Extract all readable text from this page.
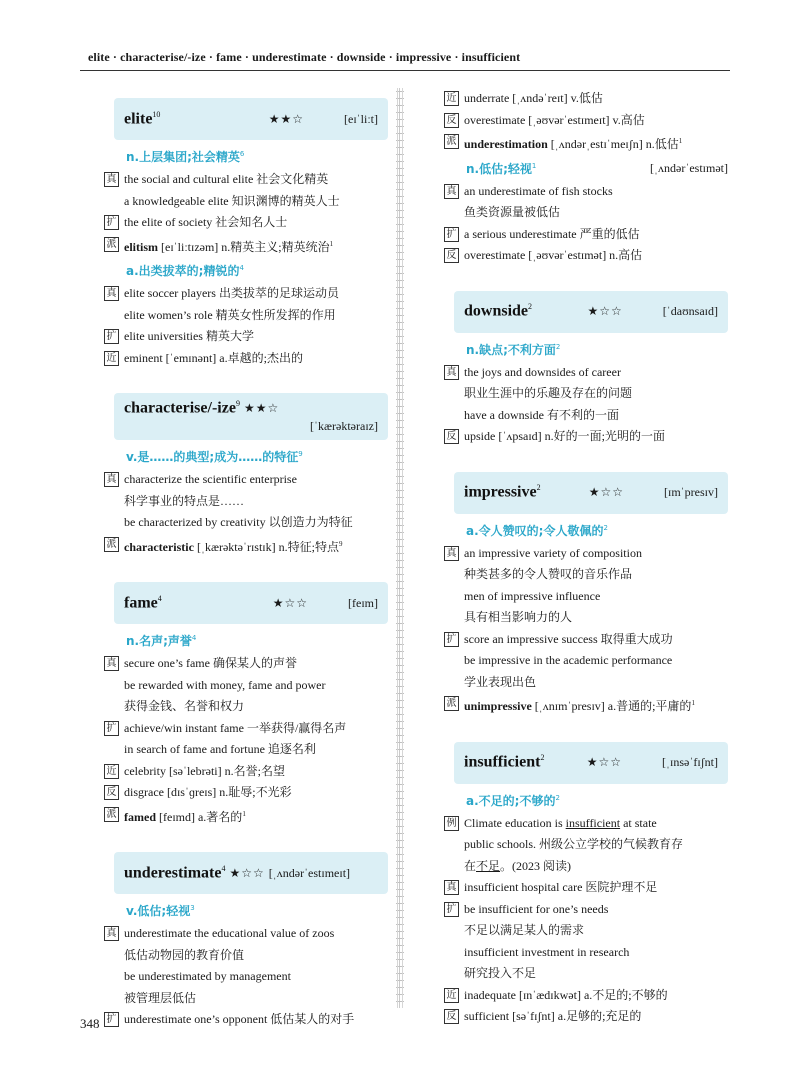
elite · characterise/-ize · fame · underestimate · downside · impressive · insufficient
elite$^{10}$	★★☆	[eɪˈliːt]
n.上层集团;社会精英$^6$
真 the social and cultural elite 社会文化精英
a knowledgeable elite 知识渊博的精英人士
扩 the elite of society 社会知名人士
派 elitism [eɪˈliːtɪzəm] n.精英主义;精英统治$^1$
a.出类拔萃的;精锐的$^4$
真 elite soccer players 出类拔萃的足球运动员
elite women’s role 精英女性所发挥的作用
扩 elite universities 精英大学
近 eminent [ˈemɪnənt] a.卓越的;杰出的
characterise/-ize$^9$ ★★☆
[ˈkærəktəraɪz]
v.是……的典型;成为……的特征$^9$
真 characterize the scientific enterprise
科学事业的特点是……
be characterized by creativity 以创造力为特征
派 characteristic [ˌkærəktəˈrɪstɪk] n.特征;特点$^9$
fame$^4$	★☆☆	[feɪm]
n.名声;声誉$^4$
真 secure one’s fame 确保某人的声誉
be rewarded with money, fame and power
获得金钱、名誉和权力
扩 achieve/win instant fame 一举获得/赢得名声
in search of fame and fortune 追逐名利
近 celebrity [səˈlebrəti] n.名誉;名望
反 disgrace [dɪsˈɡreɪs] n.耻辱;不光彩
派 famed [feɪmd] a.著名的$^1$
underestimate$^4$ ★☆☆ [ˌʌndərˈestɪmeɪt]
v.低估;轻视$^3$
真 underestimate the educational value of zoos
低估动物园的教育价值
be underestimated by management
被管理层低估
扩 underestimate one’s opponent 低估某人的对手
近 underrate [ˌʌndəˈreɪt] v.低估
反 overestimate [ˌəʊvərˈestɪmeɪt] v.高估
派 underestimation [ˌʌndərˌestɪˈmeɪʃn] n.低估$^1$
n.低估;轻视$^1$	[ˌʌndərˈestɪmət]
真 an underestimate of fish stocks
鱼类资源量被低估
扩 a serious underestimate 严重的低估
反 overestimate [ˌəʊvərˈestɪmət] n.高估
downside$^2$	★☆☆	[ˈdaʊnsaɪd]
n.缺点;不利方面$^2$
真 the joys and downsides of career
职业生涯中的乐趣及存在的问题
have a downside 有不利的一面
反 upside [ˈʌpsaɪd] n.好的一面;光明的一面
impressive$^2$	★☆☆	[ɪmˈpresɪv]
a.令人赞叹的;令人敬佩的$^2$
真 an impressive variety of composition
种类甚多的令人赞叹的音乐作品
men of impressive influence
具有相当影响力的人
扩 score an impressive success 取得重大成功
be impressive in the academic performance
学业表现出色
派 unimpressive [ˌʌnɪmˈpresɪv] a.普通的;平庸的$^1$
insufficient$^2$	★☆☆	[ˌɪnsəˈfɪʃnt]
a.不足的;不够的$^2$
例 Climate education is insufficient at state
public schools. 州级公立学校的气候教育存
在不足。(2023 阅读)
真 insufficient hospital care 医院护理不足
扩 be insufficient for one’s needs
不足以满足某人的需求
insufficient investment in research
研究投入不足
近 inadequate [ɪnˈædɪkwət] a.不足的;不够的
反 sufficient [səˈfɪʃnt] a.足够的;充足的
348
